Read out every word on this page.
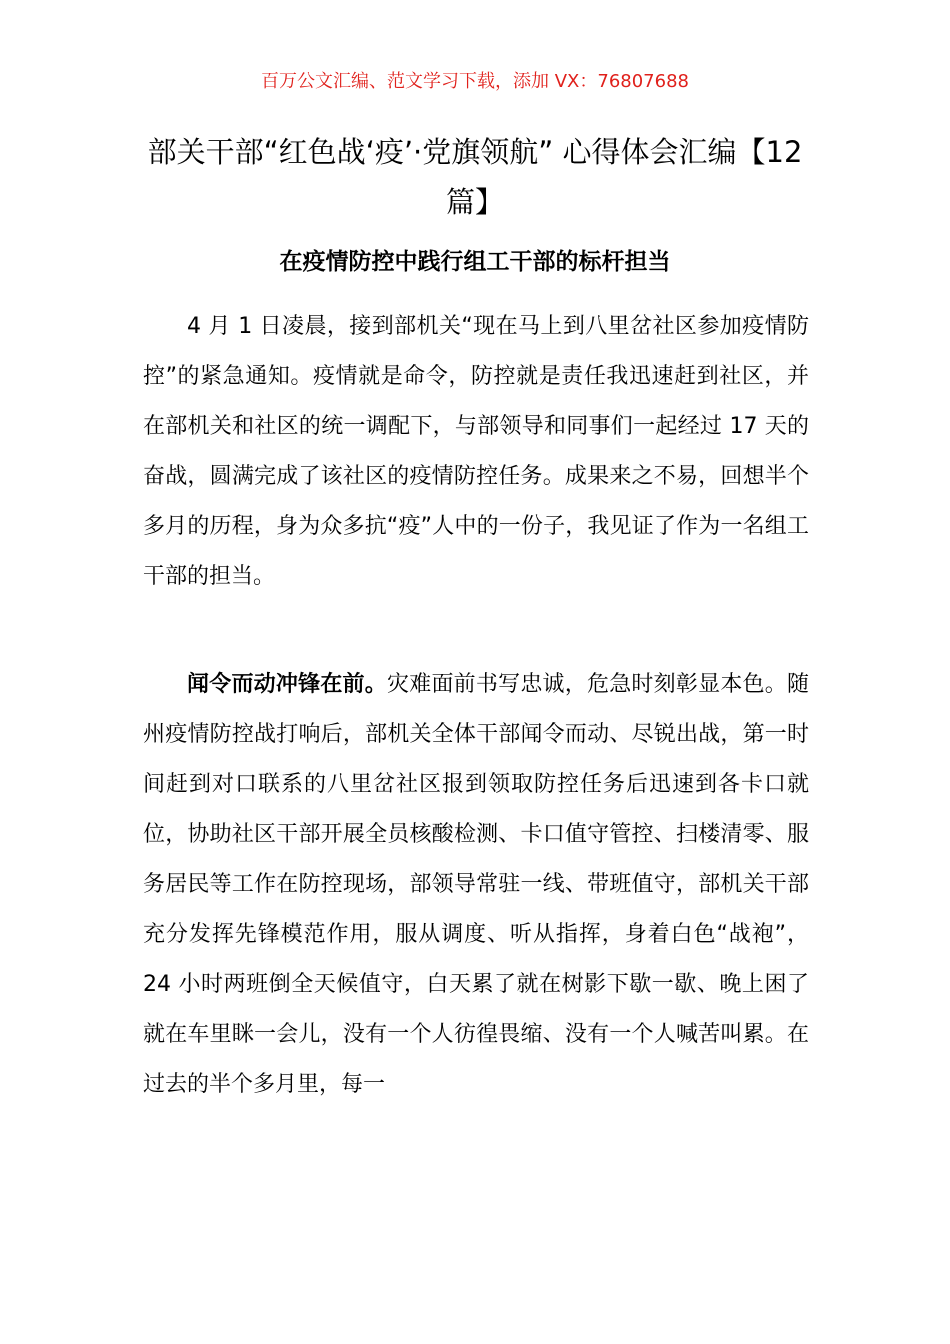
百万公文汇编、范文学习下载，添加 VX：76807688
部关干部“红色战‘疫’·党旗领航” 心得体会汇编【12 篇】
在疫情防控中践行组工干部的标杆担当

4 月 1 日凌晨，接到部机关“现在马上到八里岔社区参加疫情防控”的紧急通知。疫情就是命令，防控就是责任我迅速赶到社区，并在部机关和社区的统一调配下，与部领导和同事们一起经过 17 天的奋战，圆满完成了该社区的疫情防控任务。成果来之不易，回想半个多月的历程，身为众多抗“疫”人中的一份子，我见证了作为一名组工干部的担当。

闻令而动冲锋在前。灾难面前书写忠诚，危急时刻彰显本色。随州疫情防控战打响后，部机关全体干部闻令而动、尽锐出战，第一时间赶到对口联系的八里岔社区报到领取防控任务后迅速到各卡口就位，协助社区干部开展全员核酸检测、卡口值守管控、扫楼清零、服务居民等工作在防控现场，部领导常驻一线、带班值守，部机关干部充分发挥先锋模范作用，服从调度、听从指挥，身着白色“战袍”，24 小时两班倒全天候值守，白天累了就在树影下歇一歇、晚上困了就在车里眯一会儿，没有一个人彷徨畏缩、没有一个人喊苦叫累。在过去的半个多月里，每一
